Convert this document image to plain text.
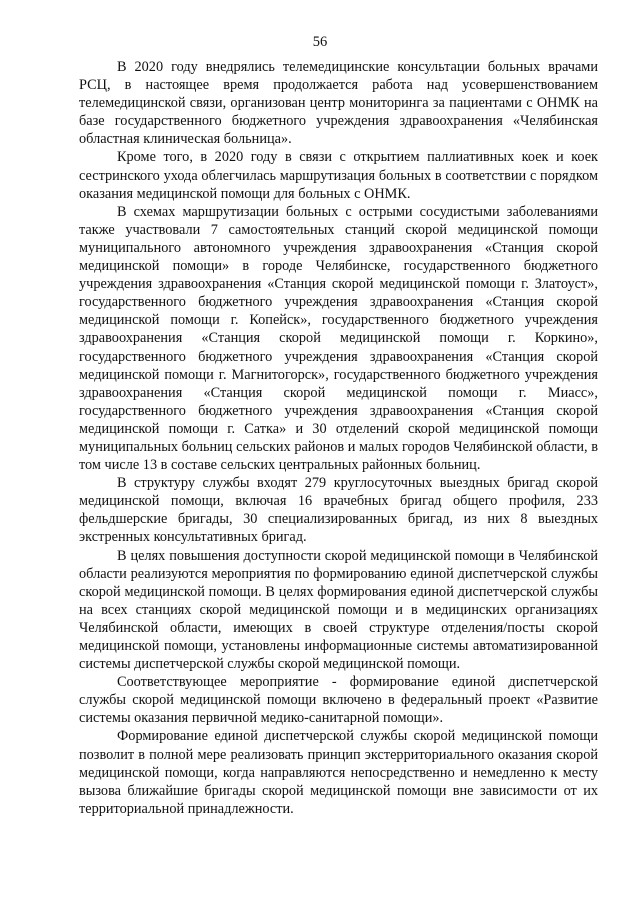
56

В 2020 году внедрялись телемедицинские консультации больных врачами РСЦ, в настоящее время продолжается работа над усовершенствованием телемедицинской связи, организован центр мониторинга за пациентами с ОНМК на базе государственного бюджетного учреждения здравоохранения «Челябинская областная клиническая больница».

Кроме того, в 2020 году в связи с открытием паллиативных коек и коек сестринского ухода облегчилась маршрутизация больных в соответствии с порядком оказания медицинской помощи для больных с ОНМК.

В схемах маршрутизации больных с острыми сосудистыми заболеваниями также участвовали 7 самостоятельных станций скорой медицинской помощи муниципального автономного учреждения здравоохранения «Станция скорой медицинской помощи» в городе Челябинске, государственного бюджетного учреждения здравоохранения «Станция скорой медицинской помощи г. Златоуст», государственного бюджетного учреждения здравоохранения «Станция скорой медицинской помощи г. Копейск», государственного бюджетного учреждения здравоохранения «Станция скорой медицинской помощи г. Коркино», государственного бюджетного учреждения здравоохранения «Станция скорой медицинской помощи г. Магнитогорск», государственного бюджетного учреждения здравоохранения «Станция скорой медицинской помощи г. Миасс», государственного бюджетного учреждения здравоохранения «Станция скорой медицинской помощи г. Сатка» и 30 отделений скорой медицинской помощи муниципальных больниц сельских районов и малых городов Челябинской области, в том числе 13 в составе сельских центральных районных больниц.

В структуру службы входят 279 круглосуточных выездных бригад скорой медицинской помощи, включая 16 врачебных бригад общего профиля, 233 фельдшерские бригады, 30 специализированных бригад, из них 8 выездных экстренных консультативных бригад.

В целях повышения доступности скорой медицинской помощи в Челябинской области реализуются мероприятия по формированию единой диспетчерской службы скорой медицинской помощи. В целях формирования единой диспетчерской службы на всех станциях скорой медицинской помощи и в медицинских организациях Челябинской области, имеющих в своей структуре отделения/посты скорой медицинской помощи, установлены информационные системы автоматизированной системы диспетчерской службы скорой медицинской помощи.

Соответствующее мероприятие - формирование единой диспетчерской службы скорой медицинской помощи включено в федеральный проект «Развитие системы оказания первичной медико-санитарной помощи».

Формирование единой диспетчерской службы скорой медицинской помощи позволит в полной мере реализовать принцип экстерриториального оказания скорой медицинской помощи, когда направляются непосредственно и немедленно к месту вызова ближайшие бригады скорой медицинской помощи вне зависимости от их территориальной принадлежности.
